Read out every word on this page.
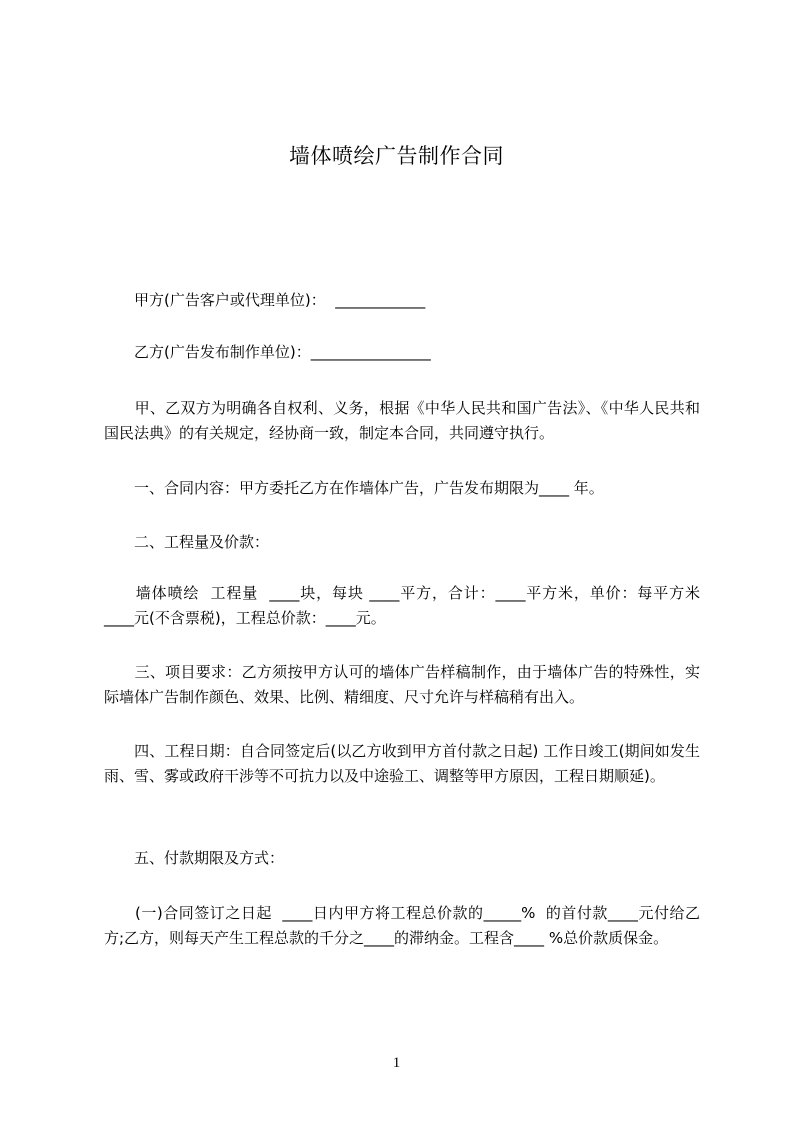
墙体喷绘广告制作合同

　　甲方(广告客户或代理单位)：  ____________

　　乙方(广告发布制作单位)：________________

　　甲、乙双方为明确各自权利、义务，根据《中华人民共和国广告法》、《中华人民共和国民法典》的有关规定，经协商一致，制定本合同，共同遵守执行。

　　一、合同内容：甲方委托乙方在作墙体广告，广告发布期限为____ 年。

　　二、工程量及价款：

　　墙体喷绘  工程量  ____块，每块 ____平方，合计：____平方米，单价：每平方米  ____元(不含票税)，工程总价款：____元。

　　三、项目要求：乙方须按甲方认可的墙体广告样稿制作，由于墙体广告的特殊性，实际墙体广告制作颜色、效果、比例、精细度、尺寸允许与样稿稍有出入。

　　四、工程日期：自合同签定后(以乙方收到甲方首付款之日起) 工作日竣工(期间如发生雨、雪、雾或政府干涉等不可抗力以及中途验工、调整等甲方原因，工程日期顺延)。

　　五、付款期限及方式：

　　(一)合同签订之日起  ____日内甲方将工程总价款的_____%  的首付款____元付给乙方;乙方，则每天产生工程总款的千分之____的滞纳金。工程含____ %总价款质保金。

1
